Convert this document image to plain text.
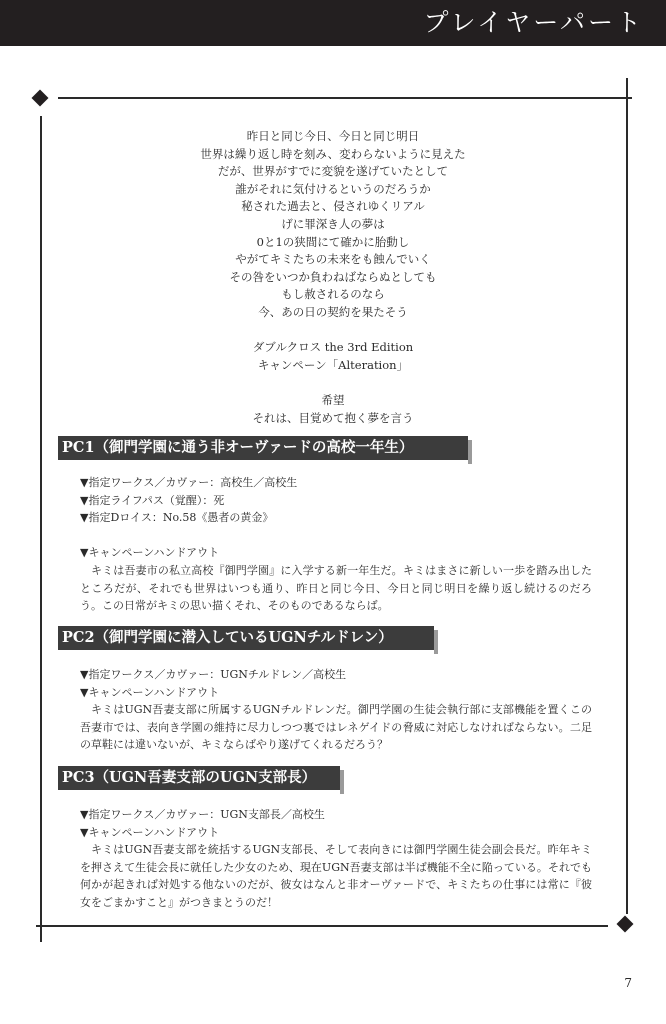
プレイヤーパート
昨日と同じ今日、今日と同じ明日
世界は繰り返し時を刻み、変わらないように見えた
だが、世界がすでに変貌を遂げていたとして
誰がそれに気付けるというのだろうか
秘された過去と、侵されゆくリアル
げに罪深き人の夢は
0と1の狭間にて確かに胎動し
やがてキミたちの未来をも蝕んでいく
その咎をいつか負わねばならぬとしても
もし赦されるのなら
今、あの日の契約を果たそう
ダブルクロス the 3rd Edition
キャンペーン「Alteration」
希望
それは、目覚めて抱く夢を言う
PC1（御門学園に通う非オーヴァードの高校一年生）
▼指定ワークス／カヴァー：高校生／高校生
▼指定ライフパス（覚醒）：死
▼指定Dロイス：No.58《愚者の黄金》
▼キャンペーンハンドアウト
キミは吾妻市の私立高校『御門学園』に入学する新一年生だ。キミはまさに新しい一歩を踏み出したところだが、それでも世界はいつも通り、昨日と同じ今日、今日と同じ明日を繰り返し続けるのだろう。この日常がキミの思い描くそれ、そのものであるならば。
PC2（御門学園に潜入しているUGNチルドレン）
▼指定ワークス／カヴァー：UGNチルドレン／高校生
▼キャンペーンハンドアウト
キミはUGN吾妻支部に所属するUGNチルドレンだ。御門学園の生徒会執行部に支部機能を置くこの吾妻市では、表向き学園の維持に尽力しつつ裏ではレネゲイドの脅威に対応しなければならない。二足の草鞋には違いないが、キミならばやり遂げてくれるだろう？
PC3（UGN吾妻支部のUGN支部長）
▼指定ワークス／カヴァー：UGN支部長／高校生
▼キャンペーンハンドアウト
キミはUGN吾妻支部を統括するUGN支部長、そして表向きには御門学園生徒会副会長だ。昨年キミを押さえて生徒会長に就任した少女のため、現在UGN吾妻支部は半ば機能不全に陥っている。それでも何かが起きれば対処する他ないのだが、彼女はなんと非オーヴァードで、キミたちの仕事には常に『彼女をごまかすこと』がつきまとうのだ！
7
